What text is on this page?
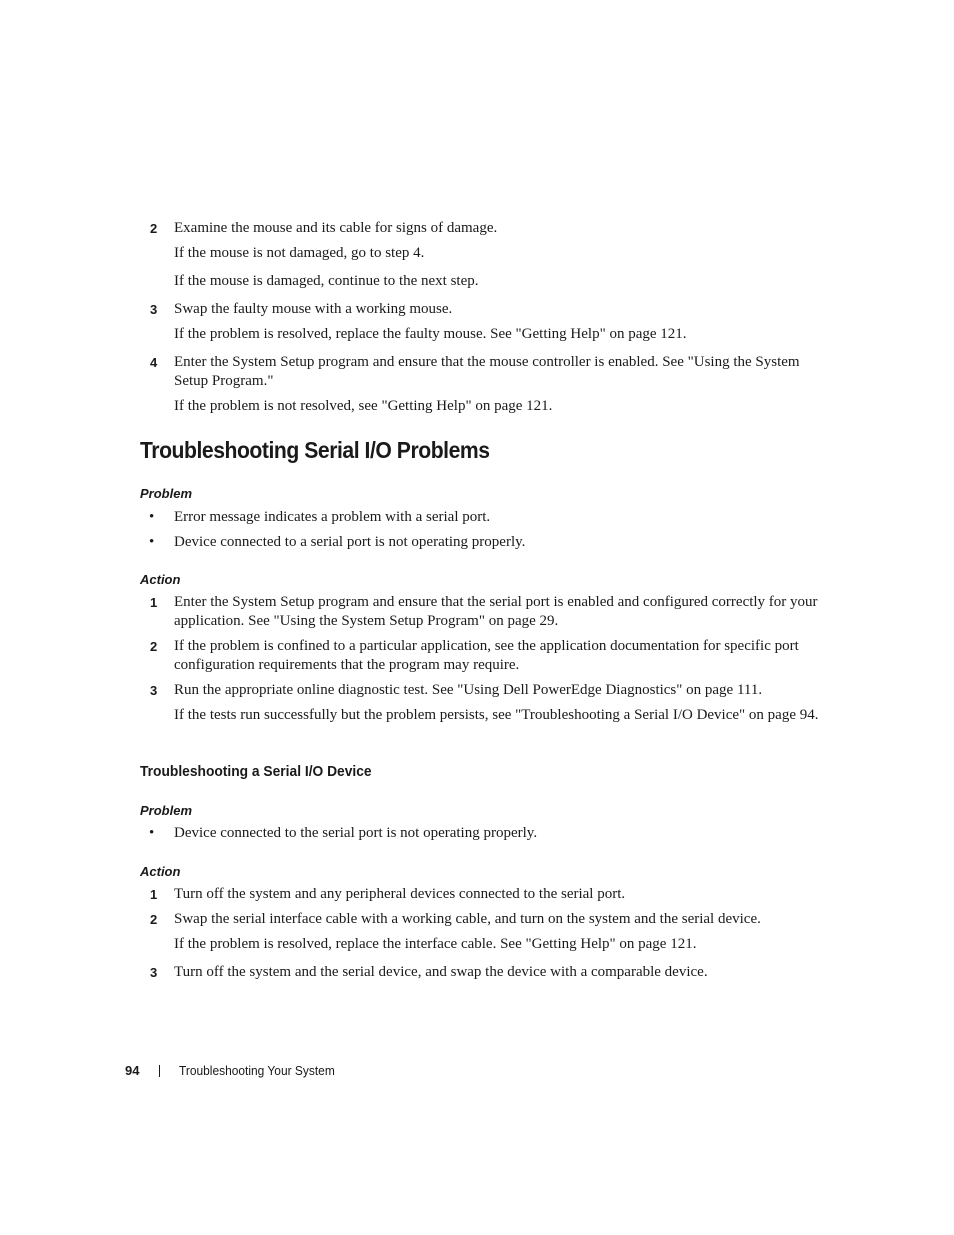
2	Examine the mouse and its cable for signs of damage.
If the mouse is not damaged, go to step 4.
If the mouse is damaged, continue to the next step.
3	Swap the faulty mouse with a working mouse.
If the problem is resolved, replace the faulty mouse. See "Getting Help" on page 121.
4	Enter the System Setup program and ensure that the mouse controller is enabled. See "Using the System Setup Program."
If the problem is not resolved, see "Getting Help" on page 121.
Troubleshooting Serial I/O Problems
Problem
• Error message indicates a problem with a serial port.
• Device connected to a serial port is not operating properly.
Action
1	Enter the System Setup program and ensure that the serial port is enabled and configured correctly for your application. See "Using the System Setup Program" on page 29.
2	If the problem is confined to a particular application, see the application documentation for specific port configuration requirements that the program may require.
3	Run the appropriate online diagnostic test. See "Using Dell PowerEdge Diagnostics" on page 111.
If the tests run successfully but the problem persists, see "Troubleshooting a Serial I/O Device" on page 94.
Troubleshooting a Serial I/O Device
Problem
• Device connected to the serial port is not operating properly.
Action
1	Turn off the system and any peripheral devices connected to the serial port.
2	Swap the serial interface cable with a working cable, and turn on the system and the serial device.
If the problem is resolved, replace the interface cable. See "Getting Help" on page 121.
3	Turn off the system and the serial device, and swap the device with a comparable device.
94	Troubleshooting Your System
